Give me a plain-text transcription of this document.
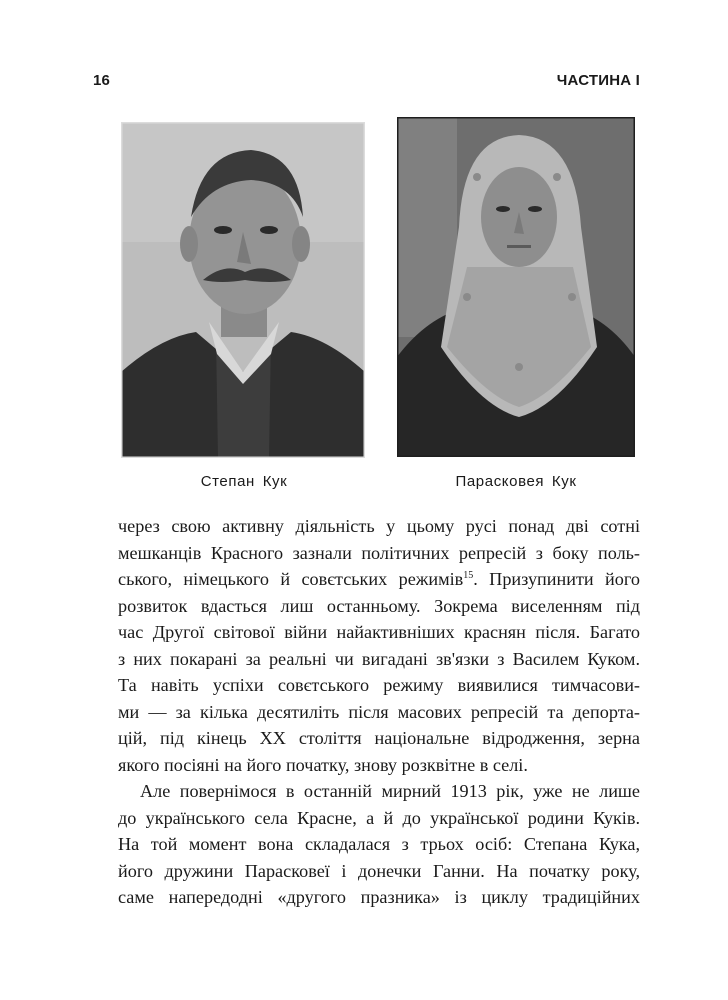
16	ЧАСТИНА І
Степан Кук	Парасковея Кук

через свою активну діяльність у цьому русі понад дві сотні
мешканців Красного зазнали політичних репресій з боку поль-
ського, німецького й совєтських режимів$^{15}$. Призупинити його
розвиток вдасться лиш останньому. Зокрема виселенням під
час Другої світової війни найактивніших краснян після. Багато
з них покарані за реальні чи вигадані зв'язки з Василем Куком.
Та навіть успіхи совєтського режиму виявилися тимчасови-
ми — за кілька десятиліть після масових репресій та депорта-
цій, під кінець XX століття національне відродження, зерна
якого посіяні на його початку, знову розквітне в селі.

Але повернімося в останній мирний 1913 рік, уже не лише
до українського села Красне, а й до української родини Куків.
На той момент вона складалася з трьох осіб: Степана Кука,
його дружини Парасковеї і донечки Ганни. На початку року,
саме напередодні «другого празника» із циклу традиційних
